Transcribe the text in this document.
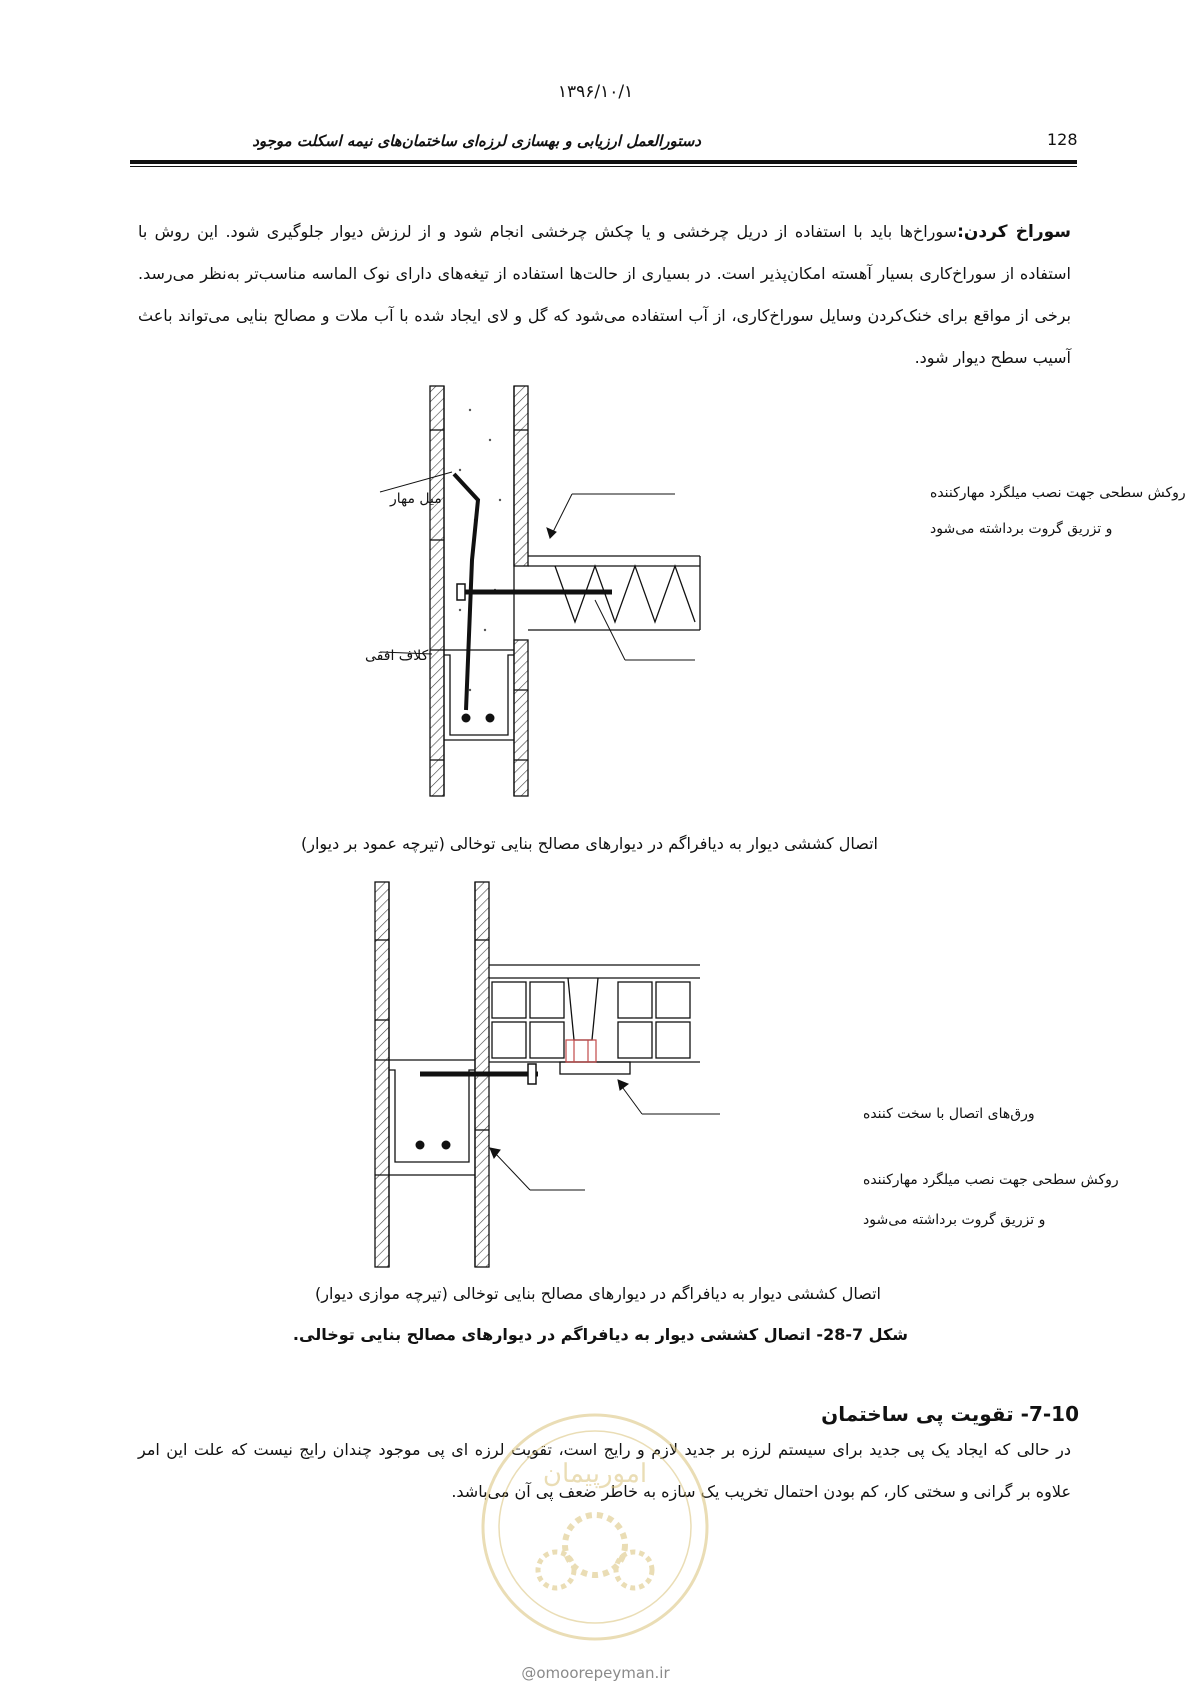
۱۳۹۶/۱۰/۱
دستورالعمل ارزیابی و بهسازی لرزه‌ای ساختمان‌های نیمه اسکلت موجود	128
سوراخ کردن:سوراخ‌ها باید با استفاده از دریل چرخشی و یا چکش چرخشی انجام شود و از لرزش دیوار جلوگیری شود. این روش با استفاده از سوراخ‌کاری بسیار آهسته امکان‌پذیر است. در بسیاری از حالت‌ها استفاده از تیغه‌های دارای نوک الماسه مناسب‌تر به‌نظر می‌رسد. برخی از مواقع برای خنک‌کردن وسایل سوراخ‌کاری، از آب استفاده می‌شود که گل و لای ایجاد شده با آب ملات و مصالح بنایی می‌تواند باعث آسیب سطح دیوار شود.
میل مهار
کلاف افقی
روکش سطحی جهت نصب میلگرد مهارکننده
و تزریق گروت برداشته می‌شود
اتصال کششی دیوار به دیافراگم در دیوارهای مصالح بنایی توخالی (تیرچه عمود بر دیوار)
ورق‌های اتصال با سخت کننده
روکش سطحی جهت نصب میلگرد مهارکننده
و تزریق گروت برداشته می‌شود
اتصال کششی دیوار به دیافراگم در دیوارهای مصالح بنایی توخالی (تیرچه موازی دیوار)
شکل 7-28- اتصال کششی دیوار به دیافراگم در دیوارهای مصالح بنایی توخالی.
7-10- تقویت پی ساختمان
در حالی که ایجاد یک پی جدید برای سیستم لرزه بر جدید لازم و رایج است، تقویت لرزه ای پی موجود چندان رایج نیست که علت این امر علاوه بر گرانی و سختی کار، کم بودن احتمال تخریب یک سازه به خاطر ضعف پی آن می‌باشد.
امورپیمان
@omoorepeyman.ir
